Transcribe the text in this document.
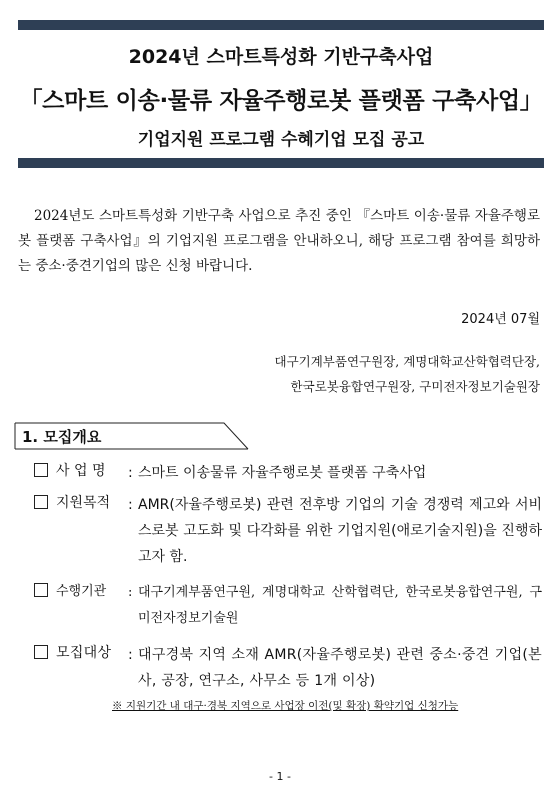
2024년 스마트특성화 기반구축사업
「스마트 이송·물류 자율주행로봇 플랫폼 구축사업」
기업지원 프로그램 수혜기업 모집 공고
2024년도 스마트특성화 기반구축 사업으로 추진 중인 『스마트 이송·물류 자율주행로봇 플랫폼 구축사업』의 기업지원 프로그램을 안내하오니, 해당 프로그램 참여를 희망하는 중소·중견기업의 많은 신청 바랍니다.
2024년 07월
대구기계부품연구원장, 계명대학교산학협력단장,
한국로봇융합연구원장, 구미전자정보기술원장
1. 모집개요
사 업 명 : 스마트 이송물류 자율주행로봇 플랫폼 구축사업
지원목적 : AMR(자율주행로봇) 관련 전후방 기업의 기술 경쟁력 제고와 서비스로봇 고도화 및 다각화를 위한 기업지원(애로기술지원)을 진행하고자 함.
수행기관 : 대구기계부품연구원, 계명대학교 산학협력단, 한국로봇융합연구원, 구미전자정보기술원
모집대상 : 대구경북 지역 소재 AMR(자율주행로봇) 관련 중소·중견 기업(본사, 공장, 연구소, 사무소 등 1개 이상)
※ 지원기간 내 대구·경북 지역으로 사업장 이전(및 확장) 확약기업 신청가능
- 1 -
